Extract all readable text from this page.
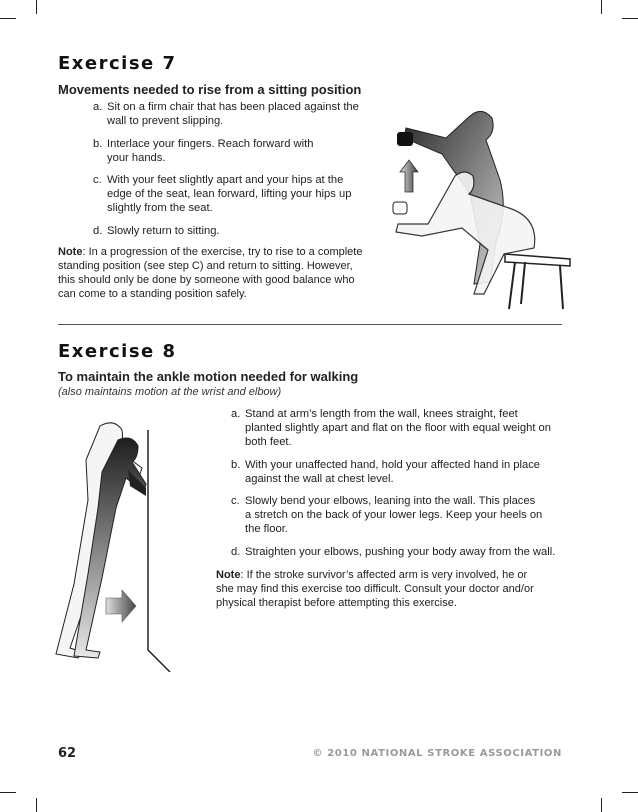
Exercise 7
Movements needed to rise from a sitting position
a. Sit on a firm chair that has been placed against the
wall to prevent slipping.
b. Interlace your fingers. Reach forward with
your hands.
c. With your feet slightly apart and your hips at the
edge of the seat, lean forward, lifting your hips up
slightly from the seat.
d. Slowly return to sitting.
Note: In a progression of the exercise, try to rise to a complete
standing position (see step C) and return to sitting. However,
this should only be done by someone with good balance who
can come to a standing position safely.
Exercise 8
To maintain the ankle motion needed for walking
(also maintains motion at the wrist and elbow)
a. Stand at arm’s length from the wall, knees straight, feet
planted slightly apart and flat on the floor with equal weight on
both feet.
b. With your unaffected hand, hold your affected hand in place
against the wall at chest level.
c. Slowly bend your elbows, leaning into the wall. This places
a stretch on the back of your lower legs. Keep your heels on
the floor.
d. Straighten your elbows, pushing your body away from the wall.
Note: If the stroke survivor’s affected arm is very involved, he or
she may find this exercise too difficult. Consult your doctor and/or
physical therapist before attempting this exercise.
62	© 2010 NATIONAL STROKE ASSOCIATION
